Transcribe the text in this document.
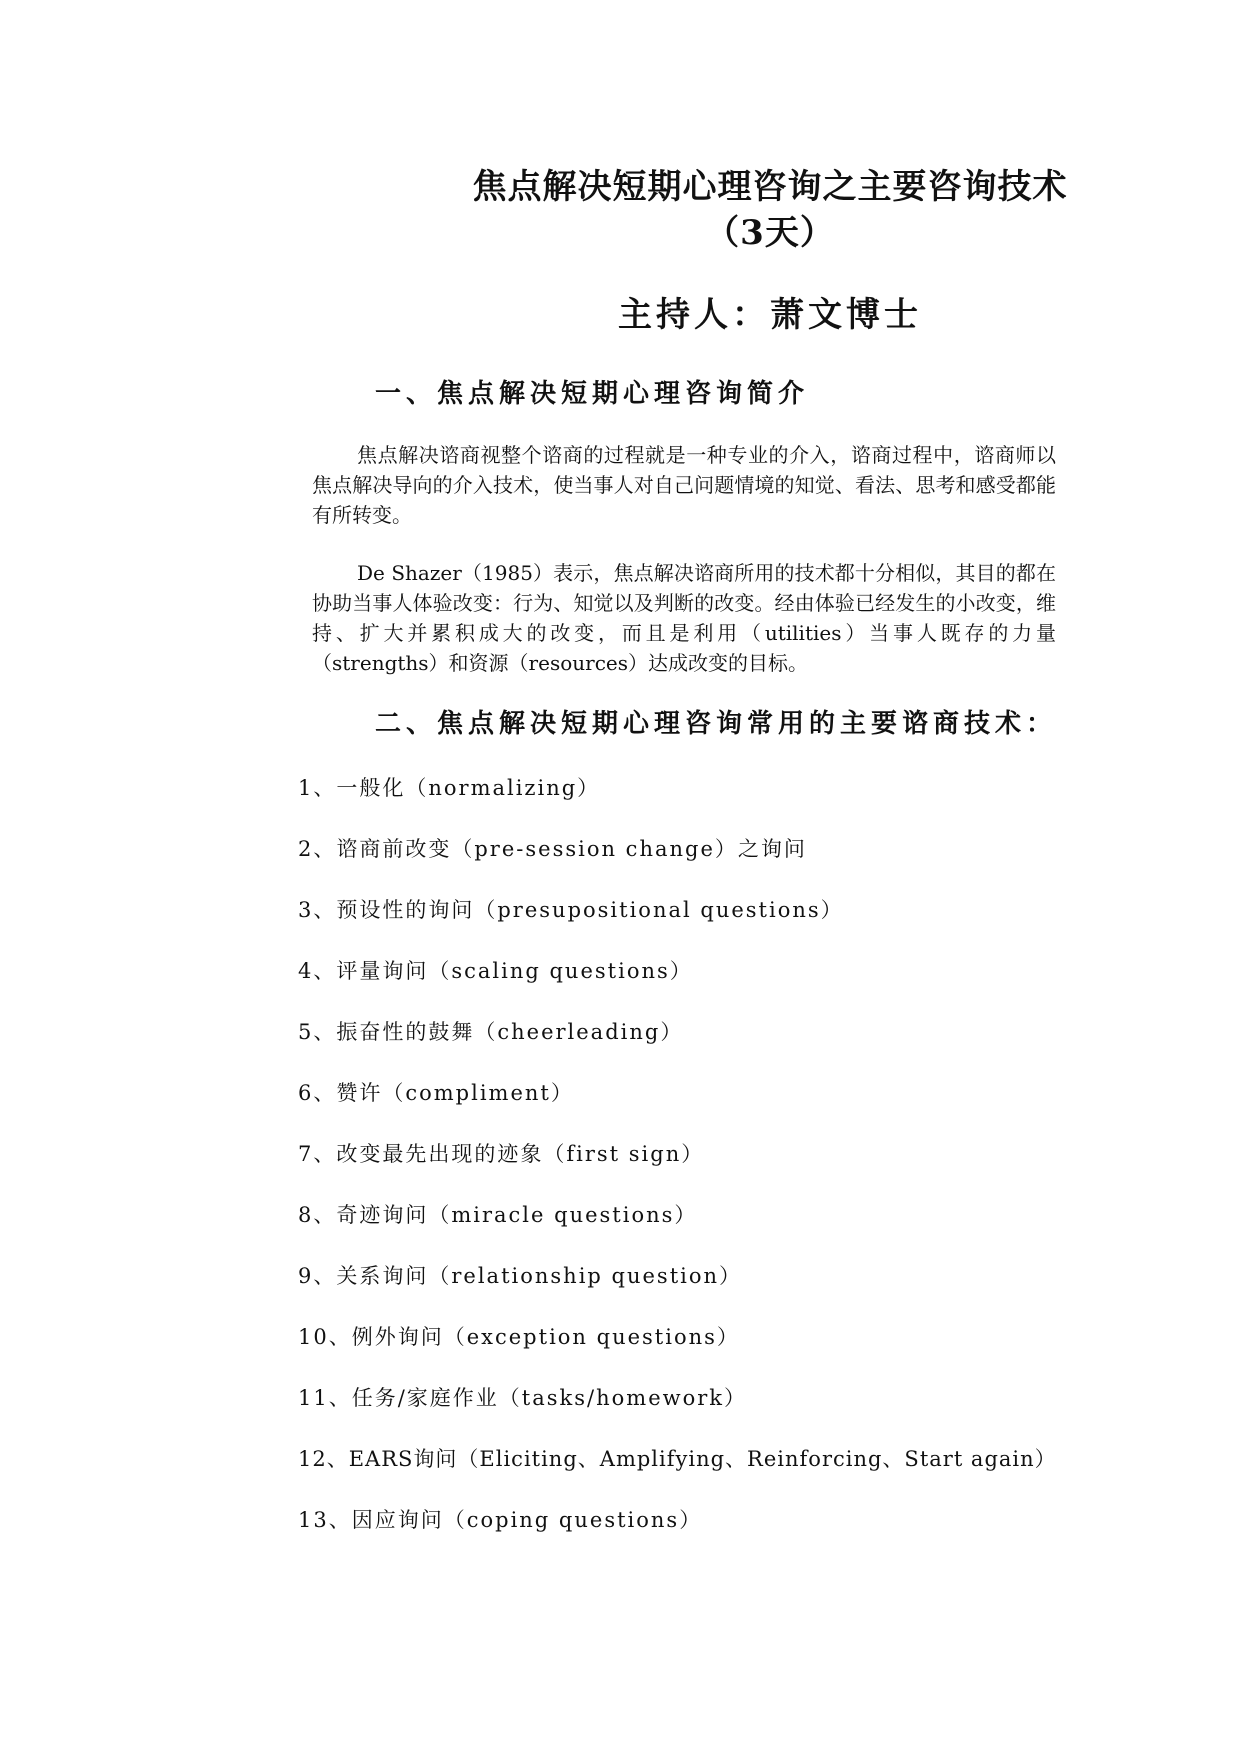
焦点解决短期心理咨询之主要咨询技术（3天）
主持人：萧文博士
一、焦点解决短期心理咨询简介

焦点解决谘商视整个谘商的过程就是一种专业的介入，谘商过程中，谘商师以焦点解决导向的介入技术，使当事人对自己问题情境的知觉、看法、思考和感受都能有所转变。

De Shazer（1985）表示，焦点解决谘商所用的技术都十分相似，其目的都在协助当事人体验改变：行为、知觉以及判断的改变。经由体验已经发生的小改变，维持、扩大并累积成大的改变，而且是利用（utilities）当事人既存的力量（strengths）和资源（resources）达成改变的目标。

二、焦点解决短期心理咨询常用的主要谘商技术：
1、一般化（normalizing）
2、谘商前改变（pre-session change）之询问
3、预设性的询问（presupositional questions）
4、评量询问（scaling questions）
5、振奋性的鼓舞（cheerleading）
6、赞许（compliment）
7、改变最先出现的迹象（first sign）
8、奇迹询问（miracle questions）
9、关系询问（relationship question）
10、例外询问（exception questions）
11、任务/家庭作业（tasks/homework）
12、EARS询问（Eliciting、Amplifying、Reinforcing、Start again）
13、因应询问（coping questions）
